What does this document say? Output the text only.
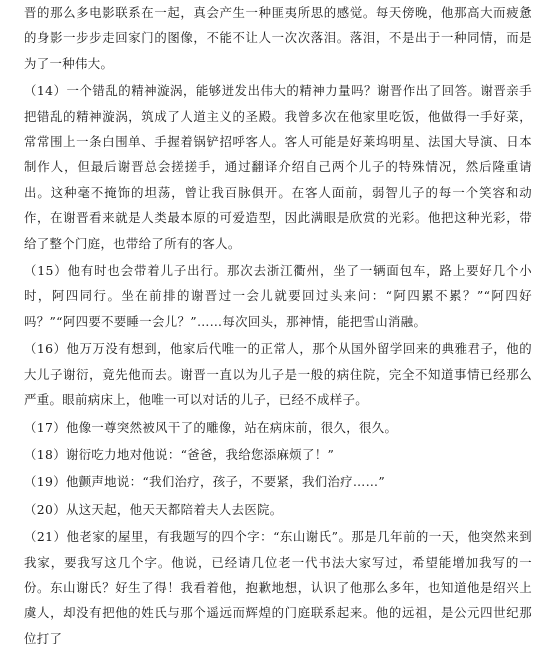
晋的那么多电影联系在一起，真会产生一种匪夷所思的感觉。每天傍晚，他那高大而疲惫的身影一步步走回家门的图像，不能不让人一次次落泪。落泪，不是出于一种同情，而是为了一种伟大。

（14）一个错乱的精神漩涡，能够迸发出伟大的精神力量吗？谢晋作出了回答。谢晋亲手把错乱的精神漩涡，筑成了人道主义的圣殿。我曾多次在他家里吃饭，他做得一手好菜，常常围上一条白围单、手握着锅铲招呼客人。客人可能是好莱坞明星、法国大导演、日本制作人，但最后谢晋总会搓搓手，通过翻译介绍自己两个儿子的特殊情况，然后隆重请出。这种毫不掩饰的坦荡，曾让我百脉俱开。在客人面前，弱智儿子的每一个笑容和动作，在谢晋看来就是人类最本原的可爱造型，因此满眼是欣赏的光彩。他把这种光彩，带给了整个门庭，也带给了所有的客人。

（15）他有时也会带着儿子出行。那次去浙江衢州，坐了一辆面包车，路上要好几个小时，阿四同行。坐在前排的谢晋过一会儿就要回过头来问：“阿四累不累？”“阿四好吗？”“阿四要不要睡一会儿？”……每次回头，那神情，能把雪山消融。

（16）他万万没有想到，他家后代唯一的正常人，那个从国外留学回来的典雅君子，他的大儿子谢衍，竟先他而去。谢晋一直以为儿子是一般的病住院，完全不知道事情已经那么严重。眼前病床上，他唯一可以对话的儿子，已经不成样子。

（17）他像一尊突然被风干了的雕像，站在病床前，很久，很久。

（18）谢衍吃力地对他说：“爸爸，我给您添麻烦了！”

（19）他颤声地说：“我们治疗，孩子，不要紧，我们治疗……”

（20）从这天起，他天天都陪着夫人去医院。

（21）他老家的屋里，有我题写的四个字：“东山谢氏”。那是几年前的一天，他突然来到我家，要我写这几个字。他说，已经请几位老一代书法大家写过，希望能增加我写的一份。东山谢氏？好生了得！我看着他，抱歉地想，认识了他那么多年，也知道他是绍兴上虞人，却没有把他的姓氏与那个遥远而辉煌的门庭联系起来。他的远祖，是公元四世纪那位打了
